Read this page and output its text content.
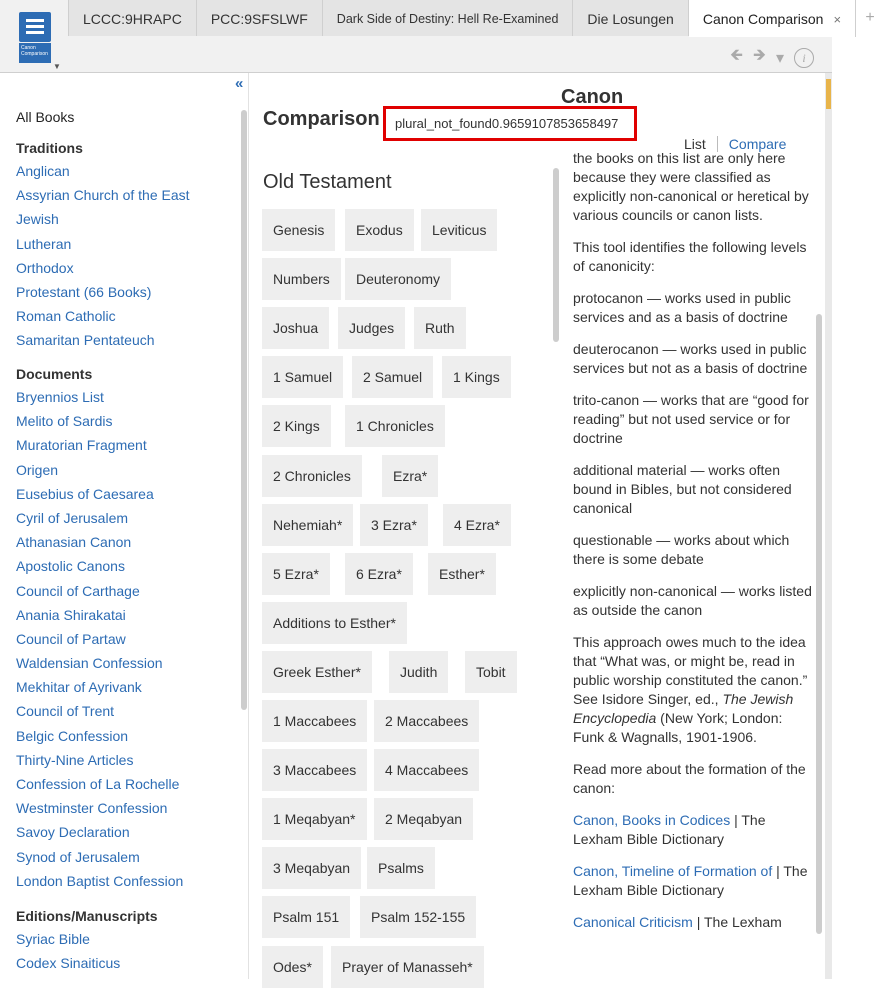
Canon Comparison
▼
LCCC:9HRAPC	PCC:9SFSLWF	Dark Side of Destiny: Hell Re-Examined	Die Losungen	Canon Comparison ×	+
🡸 🡺 ▾	i
«
All Books
Traditions
Anglican
Assyrian Church of the East
Jewish
Lutheran
Orthodox
Protestant (66 Books)
Roman Catholic
Samaritan Pentateuch
Documents
Bryennios List
Melito of Sardis
Muratorian Fragment
Origen
Eusebius of Caesarea
Cyril of Jerusalem
Athanasian Canon
Apostolic Canons
Council of Carthage
Anania Shirakatai
Council of Partaw
Waldensian Confession
Mekhitar of Ayrivank
Council of Trent
Belgic Confession
Thirty-Nine Articles
Confession of La Rochelle
Westminster Confession
Savoy Declaration
Synod of Jerusalem
London Baptist Confession
Editions/Manuscripts
Syriac Bible
Codex Sinaiticus
Comparison
Old Testament
Genesis	Exodus	Leviticus
Numbers	Deuteronomy
Joshua	Judges	Ruth
1 Samuel	2 Samuel	1 Kings
2 Kings	1 Chronicles
2 Chronicles	Ezra*
Nehemiah*	3 Ezra*	4 Ezra*
5 Ezra*	6 Ezra*	Esther*
Additions to Esther*
Greek Esther*	Judith	Tobit
1 Maccabees	2 Maccabees
3 Maccabees	4 Maccabees
1 Meqabyan*	2 Meqabyan
3 Meqabyan	Psalms
Psalm 151	Psalm 152-155
Odes*	Prayer of Manasseh*
plural_not_found0.9659107853658497
Canon
List Compare

the books on this list are only here because they were classified as explicitly non-canonical or heretical by various councils or canon lists.

This tool identifies the following levels of canonicity:

protocanon — works used in public services and as a basis of doctrine

deuterocanon — works used in public services but not as a basis of doctrine

trito-canon — works that are “good for reading” but not used service or for doctrine

additional material — works often bound in Bibles, but not considered canonical

questionable — works about which there is some debate

explicitly non-canonical — works listed as outside the canon

This approach owes much to the idea that “What was, or might be, read in public worship constituted the canon.” See Isidore Singer, ed., The Jewish Encyclopedia (New York; London: Funk & Wagnalls, 1901-1906.

Read more about the formation of the canon:

Canon, Books in Codices | The Lexham Bible Dictionary

Canon, Timeline of Formation of | The Lexham Bible Dictionary

Canonical Criticism | The Lexham
